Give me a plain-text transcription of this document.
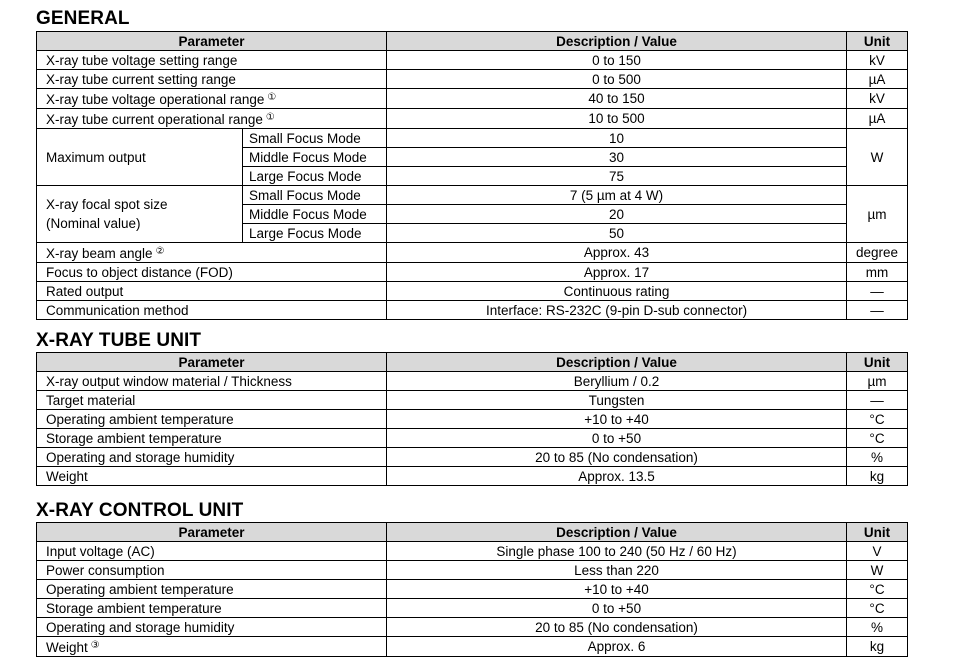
GENERAL
Parameter		Description / Value	Unit
X-ray tube voltage setting range		0 to 150	kV
X-ray tube current setting range		0 to 500	µA
X-ray tube voltage operational range ①		40 to 150	kV
X-ray tube current operational range ①		10 to 500	µA
Maximum output	Small Focus Mode	10	W
	Middle Focus Mode	30	
	Large Focus Mode	75	
X-ray focal spot size
(Nominal value)	Small Focus Mode	7 (5 µm at 4 W)	µm
	Middle Focus Mode	20	
	Large Focus Mode	50	
X-ray beam angle ②		Approx. 43	degree
Focus to object distance (FOD)		Approx. 17	mm
Rated output		Continuous rating	—
Communication method		Interface: RS-232C (9-pin D-sub connector)	—
X-RAY TUBE UNIT
Parameter	Description / Value	Unit
X-ray output window material / Thickness	Beryllium / 0.2	µm
Target material	Tungsten	—
Operating ambient temperature	+10 to +40	°C
Storage ambient temperature	0 to +50	°C
Operating and storage humidity	20 to 85 (No condensation)	%
Weight	Approx. 13.5	kg
X-RAY CONTROL UNIT
Parameter	Description / Value	Unit
Input voltage (AC)	Single phase 100 to 240 (50 Hz / 60 Hz)	V
Power consumption	Less than 220	W
Operating ambient temperature	+10 to +40	°C
Storage ambient temperature	0 to +50	°C
Operating and storage humidity	20 to 85 (No condensation)	%
Weight ③	Approx. 6	kg
